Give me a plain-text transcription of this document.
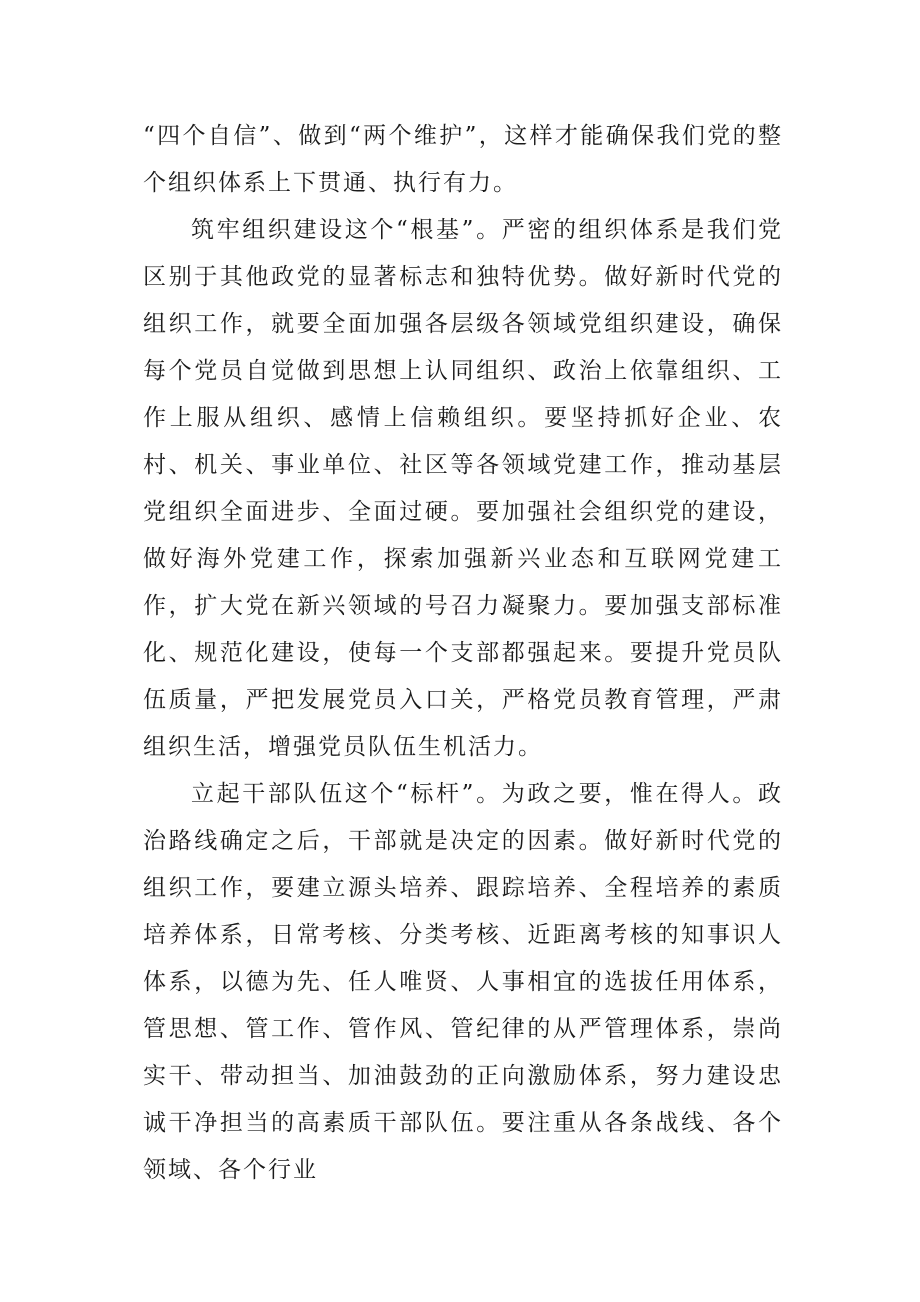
“四个自信”、做到“两个维护”，这样才能确保我们党的整个组织体系上下贯通、执行有力。

筑牢组织建设这个“根基”。严密的组织体系是我们党区别于其他政党的显著标志和独特优势。做好新时代党的组织工作，就要全面加强各层级各领域党组织建设，确保每个党员自觉做到思想上认同组织、政治上依靠组织、工作上服从组织、感情上信赖组织。要坚持抓好企业、农村、机关、事业单位、社区等各领域党建工作，推动基层党组织全面进步、全面过硬。要加强社会组织党的建设，做好海外党建工作，探索加强新兴业态和互联网党建工作，扩大党在新兴领域的号召力凝聚力。要加强支部标准化、规范化建设，使每一个支部都强起来。要提升党员队伍质量，严把发展党员入口关，严格党员教育管理，严肃组织生活，增强党员队伍生机活力。

立起干部队伍这个“标杆”。为政之要，惟在得人。政治路线确定之后，干部就是决定的因素。做好新时代党的组织工作，要建立源头培养、跟踪培养、全程培养的素质培养体系，日常考核、分类考核、近距离考核的知事识人体系，以德为先、任人唯贤、人事相宜的选拔任用体系，管思想、管工作、管作风、管纪律的从严管理体系，崇尚实干、带动担当、加油鼓劲的正向激励体系，努力建设忠诚干净担当的高素质干部队伍。要注重从各条战线、各个领域、各个行业
